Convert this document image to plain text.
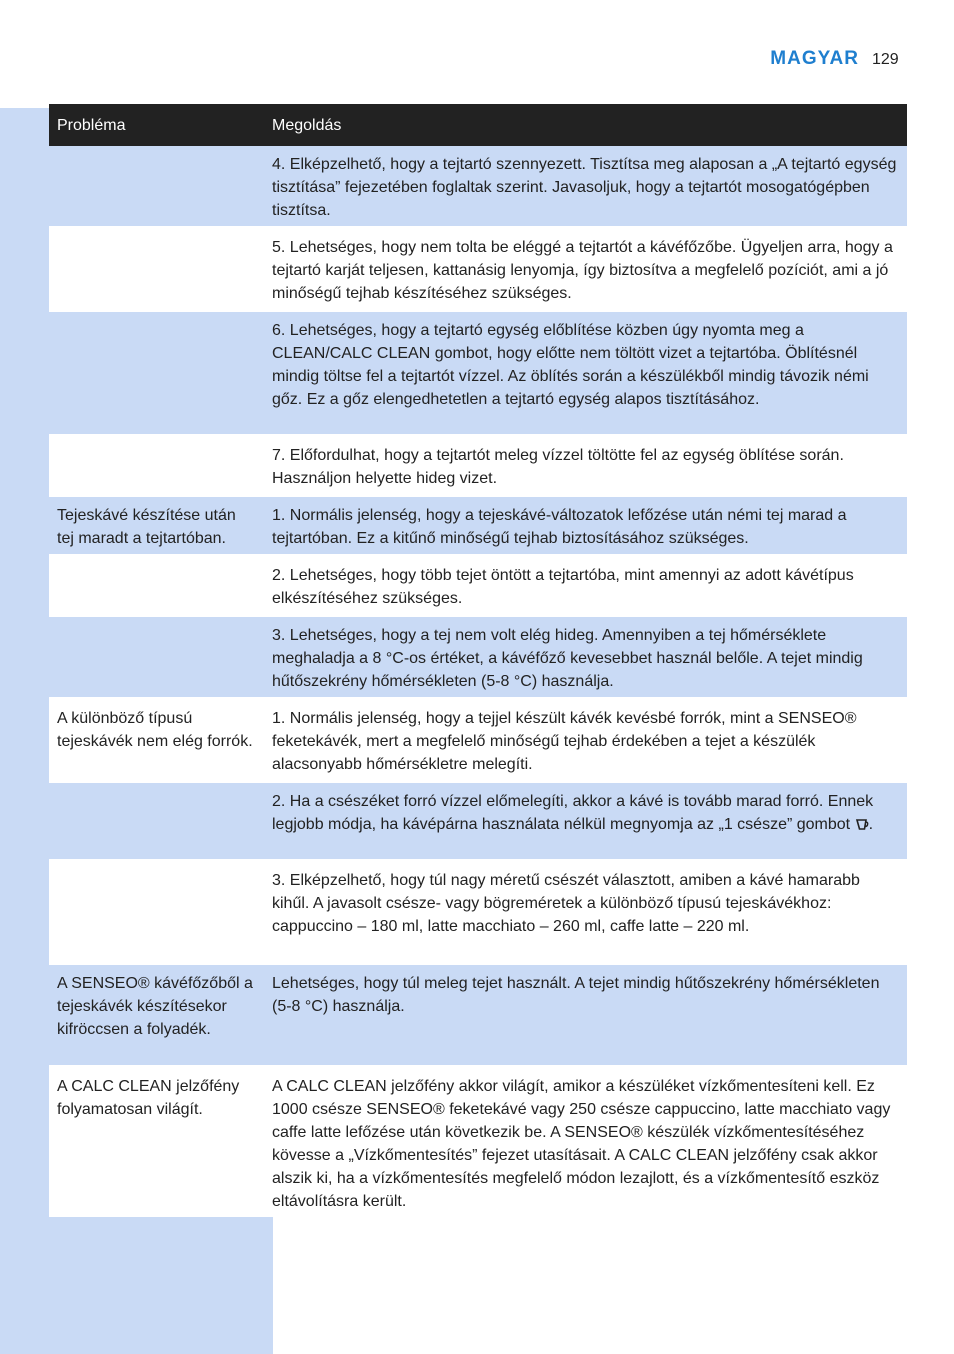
MAGYAR 129
Probléma	Megoldás
	4. Elképzelhető, hogy a tejtartó szennyezett. Tisztítsa meg alaposan a „A tejtartó egység tisztítása” fejezetében foglaltak szerint. Javasoljuk, hogy a tejtartót mosogatógépben tisztítsa.
	5. Lehetséges, hogy nem tolta be eléggé a tejtartót a kávéfőzőbe. Ügyeljen arra, hogy a tejtartó karját teljesen, kattanásig lenyomja, így biztosítva a megfelelő pozíciót, ami a jó minőségű tejhab készítéséhez szükséges.
	6. Lehetséges, hogy a tejtartó egység előblítése közben úgy nyomta meg a CLEAN/CALC CLEAN gombot, hogy előtte nem töltött vizet a tejtartóba. Öblítésnél mindig töltse fel a tejtartót vízzel. Az öblítés során a készülékből mindig távozik némi gőz. Ez a gőz elengedhetetlen a tejtartó egység alapos tisztításához.
	7. Előfordulhat, hogy a tejtartót meleg vízzel töltötte fel az egység öblítése során. Használjon helyette hideg vizet.
Tejeskávé készítése után tej maradt a tejtartóban.	1. Normális jelenség, hogy a tejeskávé-változatok lefőzése után némi tej marad a tejtartóban. Ez a kitűnő minőségű tejhab biztosításához szükséges.
	2. Lehetséges, hogy több tejet öntött a tejtartóba, mint amennyi az adott kávétípus elkészítéséhez szükséges.
	3. Lehetséges, hogy a tej nem volt elég hideg. Amennyiben a tej hőmérséklete meghaladja a 8 °C-os értéket, a kávéfőző kevesebbet használ belőle. A tejet mindig hűtőszekrény hőmérsékleten (5-8 °C) használja.
A különböző típusú tejeskávék nem elég forrók.	1. Normális jelenség, hogy a tejjel készült kávék kevésbé forrók, mint a SENSEO® feketekávék, mert a megfelelő minőségű tejhab érdekében a tejet a készülék alacsonyabb hőmérsékletre melegíti.
	2. Ha a csészéket forró vízzel előmelegíti, akkor a kávé is tovább marad forró. Ennek legjobb módja, ha kávépárna használata nélkül megnyomja az „1 csésze” gombot .
	3. Elképzelhető, hogy túl nagy méretű csészét választott, amiben a kávé hamarabb kihűl. A javasolt csésze- vagy bögreméretek a különböző típusú tejeskávékhoz: cappuccino – 180 ml, latte macchiato – 260 ml, caffe latte – 220 ml.
A SENSEO® kávéfőzőből a tejeskávék készítésekor kifröccsen a folyadék.	Lehetséges, hogy túl meleg tejet használt. A tejet mindig hűtőszekrény hőmérsékleten (5-8 °C) használja.
A CALC CLEAN jelzőfény folyamatosan világít.	A CALC CLEAN jelzőfény akkor világít, amikor a készüléket vízkőmentesíteni kell. Ez 1000 csésze SENSEO® feketekávé vagy 250 csésze cappuccino, latte macchiato vagy caffe latte lefőzése után következik be. A SENSEO® készülék vízkőmentesítéséhez kövesse a „Vízkőmentesítés” fejezet utasításait. A CALC CLEAN jelzőfény csak akkor alszik ki, ha a vízkőmentesítés megfelelő módon lezajlott, és a vízkőmentesítő eszköz eltávolításra került.
